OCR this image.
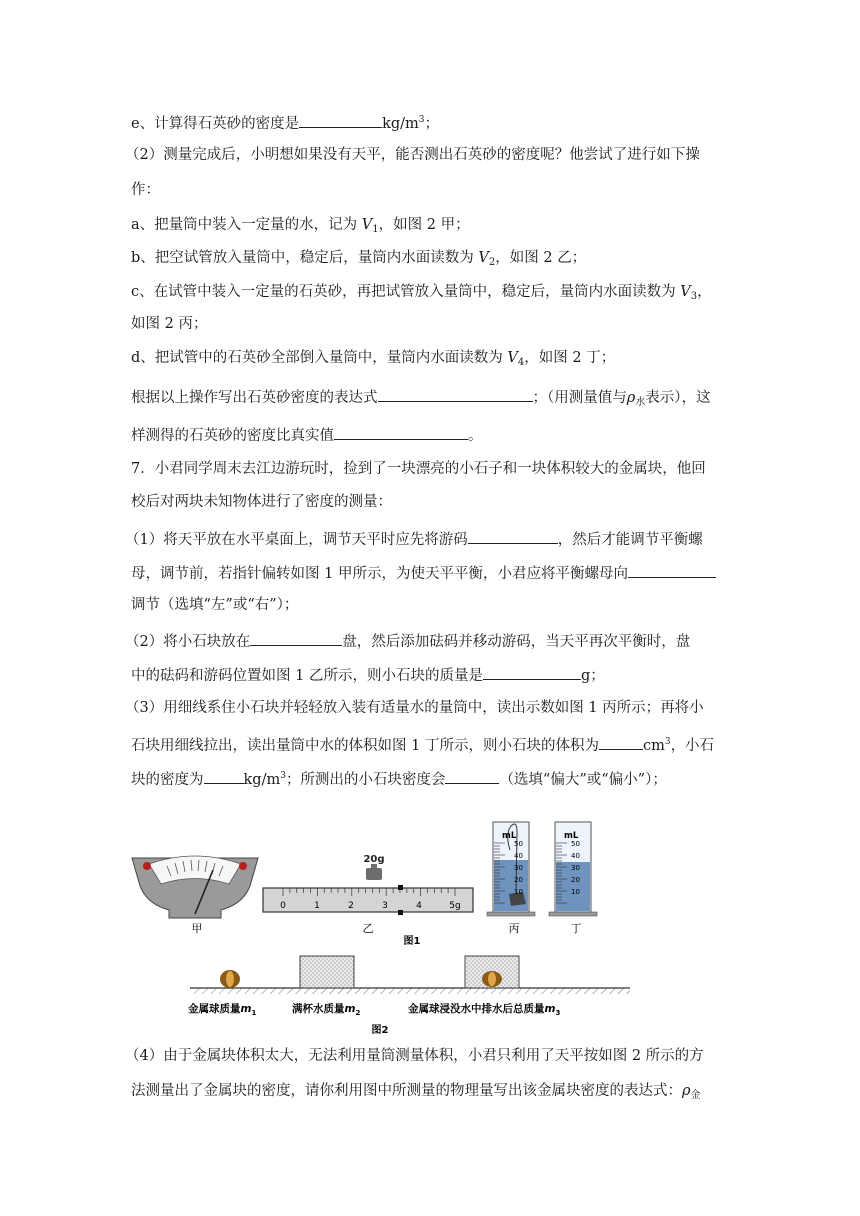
e、计算得石英砂的密度是	$kg/m^3$；
（2）测量完成后，小明想如果没有天平，能否测出石英砂的密度呢？他尝试了进行如下操
作：
a、把量筒中装入一定量的水，记为 $V_1$，如图 2 甲；
b、把空试管放入量筒中，稳定后，量筒内水面读数为 $V_2$，如图 2 乙；
c、在试管中装入一定量的石英砂，再把试管放入量筒中，稳定后，量筒内水面读数为 $V_3$，
如图 2 丙；
d、把试管中的石英砂全部倒入量筒中，量筒内水面读数为 $V_4$，如图 2 丁；
根据以上操作写出石英砂密度的表达式	；（用测量值与$\rho_水$表示），这
样测得的石英砂的密度比真实值	。
7．小君同学周末去江边游玩时，捡到了一块漂亮的小石子和一块体积较大的金属块，他回
校后对两块未知物体进行了密度的测量：
（1）将天平放在水平桌面上，调节天平时应先将游码	，然后才能调节平衡螺
母，调节前，若指针偏转如图 1 甲所示，为使天平平衡，小君应将平衡螺母向
调节（选填“左”或“右”）；
（2）将小石块放在	盘，然后添加砝码并移动游码，当天平再次平衡时，盘
中的砝码和游码位置如图 1 乙所示，则小石块的质量是	g；
（3）用细线系住小石块并轻轻放入装有适量水的量筒中，读出示数如图 1 丙所示；再将小
石块用细线拉出，读出量筒中水的体积如图 1 丁所示，则小石块的体积为	$cm^3$，小石
块的密度为	$kg/m^3$；所测出的小石块密度会	（选填“偏大”或“偏小”）；
20g
0	1	2	3	4	5g
mL
50
40
30
20
10
mL
50
40
30
20
10
甲	乙	丙	丁
图1
金属球质量$m_1$	满杯水质量$m_2$	金属球浸没水中排水后总质量$m_3$
图2
（4）由于金属块体积太大，无法利用量筒测量体积，小君只利用了天平按如图 2 所示的方
法测量出了金属块的密度，请你利用图中所测量的物理量写出该金属块密度的表达式：$\rho_金$
